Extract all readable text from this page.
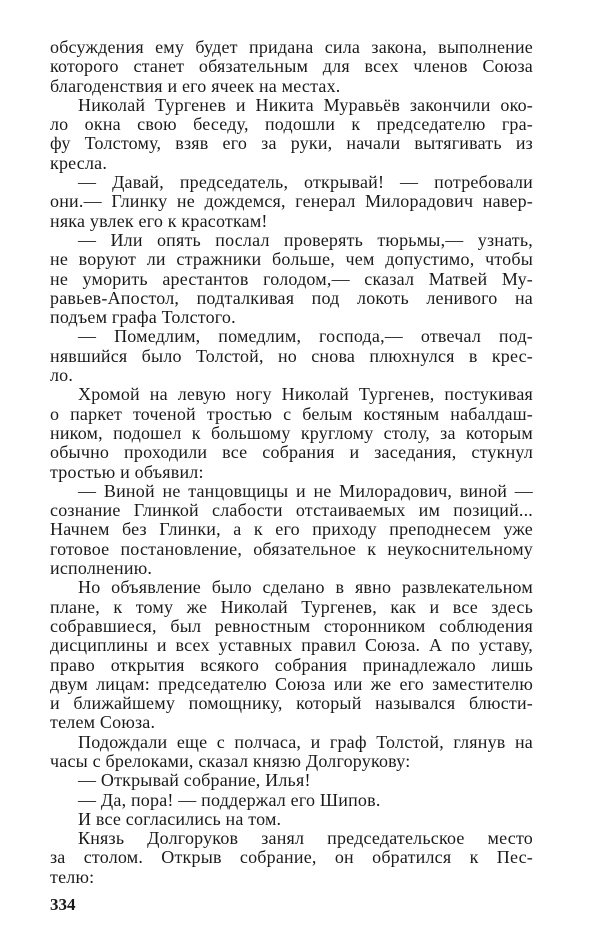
обсуждения ему будет придана сила закона, выполнение
которого станет обязательным для всех членов Союза
благоденствия и его ячеек на местах.
Николай Тургенев и Никита Муравьёв закончили око-
ло окна свою беседу, подошли к председателю гра-
фу Толстому, взяв его за руки, начали вытягивать из
кресла.
— Давай, председатель, открывай! — потребовали
они.— Глинку не дождемся, генерал Милорадович навер-
няка увлек его к красоткам!
— Или опять послал проверять тюрьмы,— узнать,
не воруют ли стражники больше, чем допустимо, чтобы
не уморить арестантов голодом,— сказал Матвей Му-
равьев-Апостол, подталкивая под локоть ленивого на
подъем графа Толстого.
— Помедлим, помедлим, господа,— отвечал под-
нявшийся было Толстой, но снова плюхнулся в крес-
ло.
Хромой на левую ногу Николай Тургенев, постукивая
о паркет точеной тростью с белым костяным набалдаш-
ником, подошел к большому круглому столу, за которым
обычно проходили все собрания и заседания, стукнул
тростью и объявил:
— Виной не танцовщицы и не Милорадович, виной —
сознание Глинкой слабости отстаиваемых им позиций...
Начнем без Глинки, а к его приходу преподнесем уже
готовое постановление, обязательное к неукоснительному
исполнению.
Но объявление было сделано в явно развлекательном
плане, к тому же Николай Тургенев, как и все здесь
собравшиеся, был ревностным сторонником соблюдения
дисциплины и всех уставных правил Союза. А по уставу,
право открытия всякого собрания принадлежало лишь
двум лицам: председателю Союза или же его заместителю
и ближайшему помощнику, который назывался блюсти-
телем Союза.
Подождали еще с полчаса, и граф Толстой, глянув на
часы с брелоками, сказал князю Долгорукову:
— Открывай собрание, Илья!
— Да, пора! — поддержал его Шипов.
И все согласились на том.
Князь Долгоруков занял председательское место
за столом. Открыв собрание, он обратился к Пес-
телю:
334
